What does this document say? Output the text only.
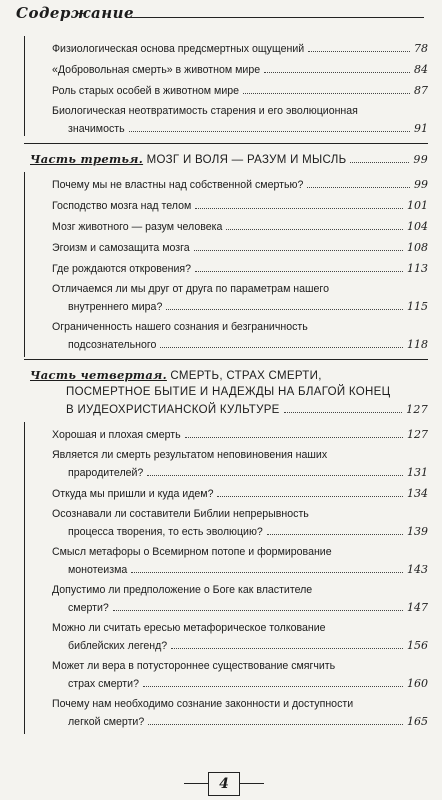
Содержание
Физиологическая основа предсмертных ощущений	78
«Добровольная смерть» в животном мире	84
Роль старых особей в животном мире	87
Биологическая неотвратимость старения и его эволюционная
значимость	91
Часть третья.
МОЗГ И ВОЛЯ — РАЗУМ И МЫСЛЬ	99
Почему мы не властны над собственной смертью?	99
Господство мозга над телом	101
Мозг животного — разум человека	104
Эгоизм и самозащита мозга	108
Где рождаются откровения?	113
Отличаемся ли мы друг от друга по параметрам нашего
внутреннего мира?	115
Ограниченность нашего сознания и безграничность
подсознательного	118
Часть четвертая.
СМЕРТЬ, СТРАХ СМЕРТИ,
ПОСМЕРТНОЕ БЫТИЕ И НАДЕЖДЫ НА БЛАГОЙ КОНЕЦ
В ИУДЕОХРИСТИАНСКОЙ КУЛЬТУРЕ	127
Хорошая и плохая смерть	127
Является ли смерть результатом неповиновения наших
прародителей?	131
Откуда мы пришли и куда идем?	134
Осознавали ли составители Библии непрерывность
процесса творения, то есть эволюцию?	139
Смысл метафоры о Всемирном потопе и формирование
монотеизма	143
Допустимо ли предположение о Боге как властителе
смерти?	147
Можно ли считать ересью метафорическое толкование
библейских легенд?	156
Может ли вера в потустороннее существование смягчить
страх смерти?	160
Почему нам необходимо сознание законности и доступности
легкой смерти?	165
4
